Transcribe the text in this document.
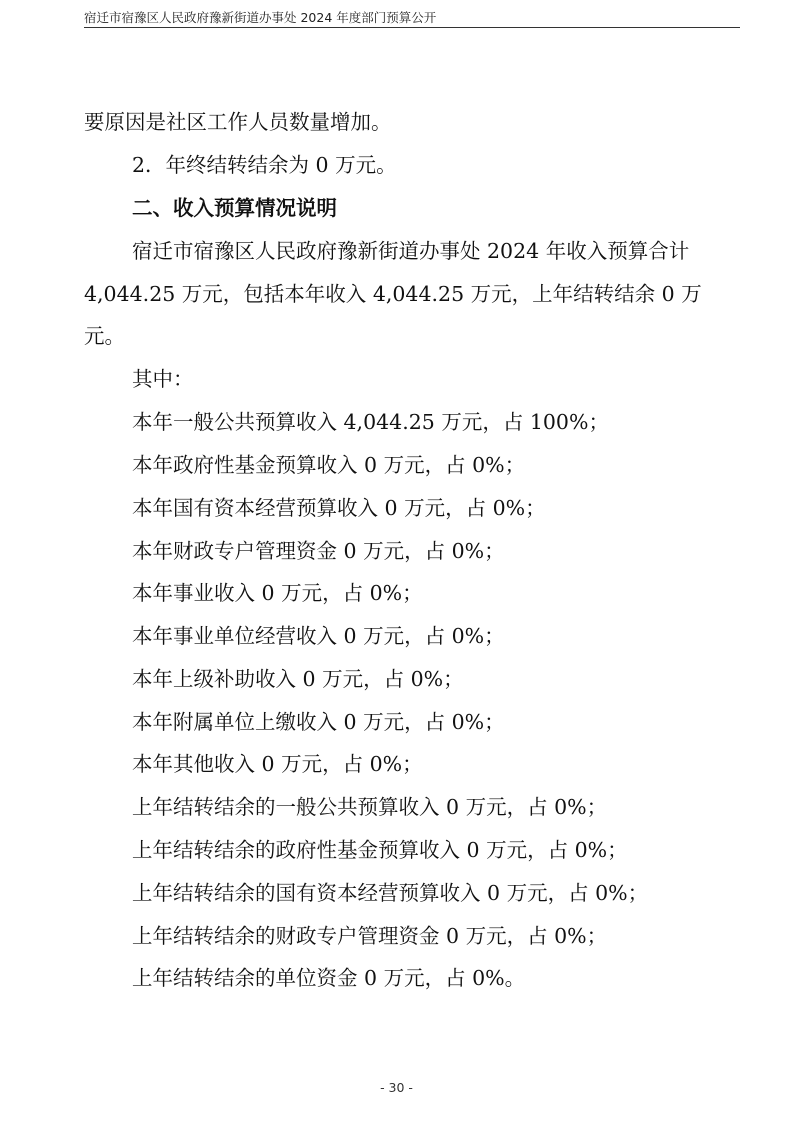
宿迁市宿豫区人民政府豫新街道办事处 2024 年度部门预算公开
要原因是社区工作人员数量增加。
2．年终结转结余为 0 万元。
二、收入预算情况说明
宿迁市宿豫区人民政府豫新街道办事处 2024 年收入预算合计
4,044.25 万元，包括本年收入 4,044.25 万元，上年结转结余 0 万
元。
其中：
本年一般公共预算收入 4,044.25 万元，占 100%；
本年政府性基金预算收入 0 万元，占 0%；
本年国有资本经营预算收入 0 万元，占 0%；
本年财政专户管理资金 0 万元，占 0%；
本年事业收入 0 万元，占 0%；
本年事业单位经营收入 0 万元，占 0%；
本年上级补助收入 0 万元，占 0%；
本年附属单位上缴收入 0 万元，占 0%；
本年其他收入 0 万元，占 0%；
上年结转结余的一般公共预算收入 0 万元，占 0%；
上年结转结余的政府性基金预算收入 0 万元，占 0%；
上年结转结余的国有资本经营预算收入 0 万元，占 0%；
上年结转结余的财政专户管理资金 0 万元，占 0%；
上年结转结余的单位资金 0 万元，占 0%。
- 30 -
